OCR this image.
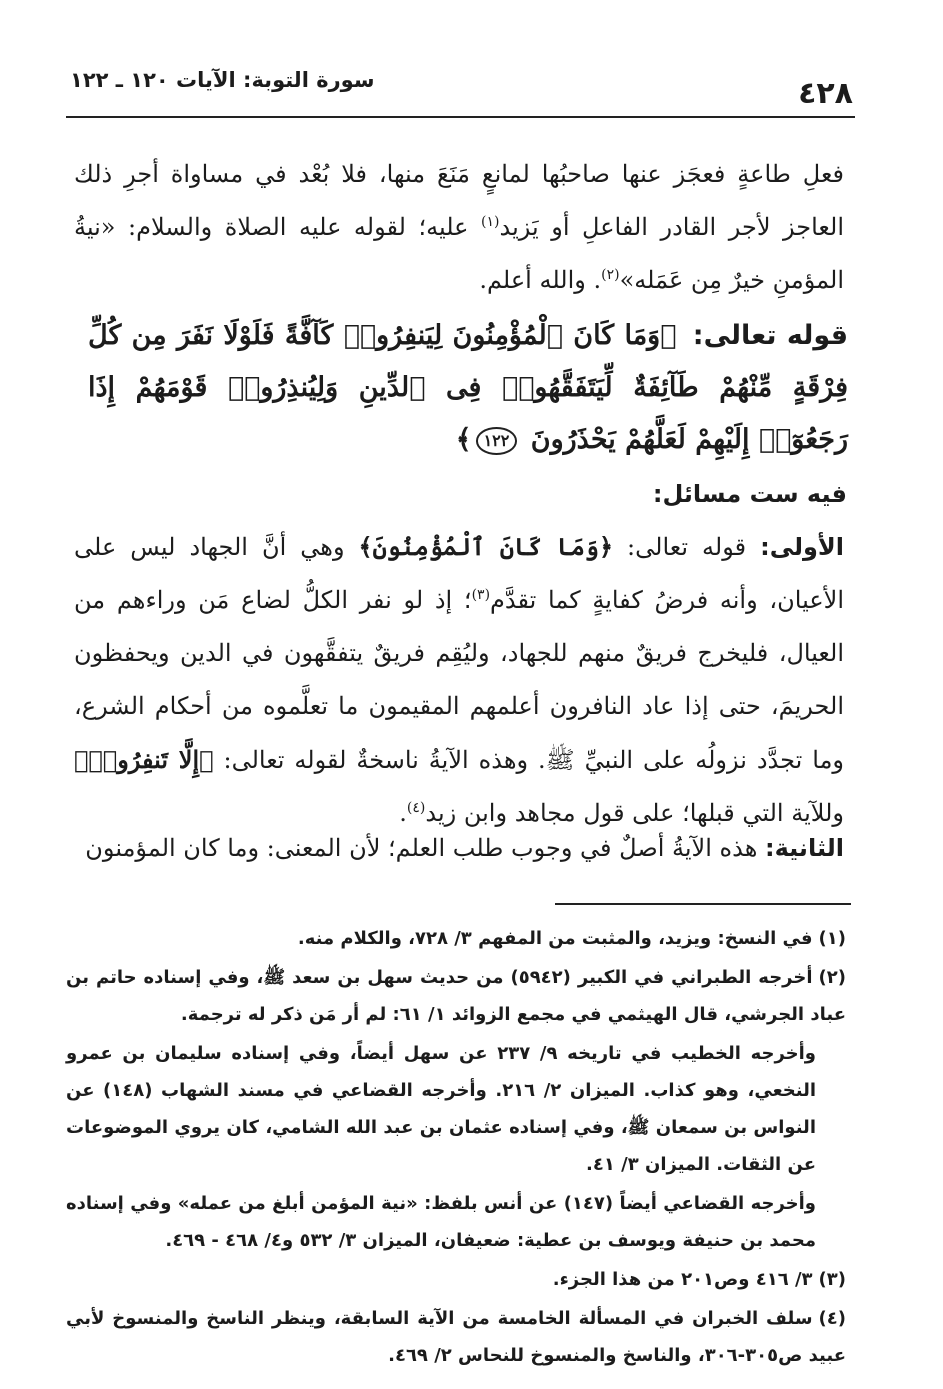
٤٢٨
سورة التوبة: الآيات ١٢٠ ـ ١٢٢
فعلِ طاعةٍ فعجَز عنها صاحبُها لمانعٍ مَنَعَ منها، فلا بُعْد في مساواة أجرِ ذلك العاجز لأجر القادر الفاعلِ أو يَزيد$^{(١)}$ عليه؛ لقوله عليه الصلاة والسلام: «نيةُ المؤمنِ خيرٌ مِن عَمَله»$^{(٢)}$. والله أعلم.
قوله تعالى: ﴿وَمَا كَانَ ٱلْمُؤْمِنُونَ لِيَنفِرُوا۟ كَآفَّةً فَلَوْلَا نَفَرَ مِن كُلِّ فِرْقَةٍ مِّنْهُمْ طَآئِفَةٌ لِّيَتَفَقَّهُوا۟ فِى ٱلدِّينِ وَلِيُنذِرُوا۟ قَوْمَهُمْ إِذَا رَجَعُوٓا۟ إِلَيْهِمْ لَعَلَّهُمْ يَحْذَرُونَ ١٢٢﴾
فيه ست مسائل:
الأولى: قوله تعالى: ﴿وَمَا كَانَ ٱلْمُؤْمِنُونَ﴾ وهي أنَّ الجهاد ليس على الأعيان، وأنه فرضُ كفايةٍ كما تقدَّم$^{(٣)}$؛ إذ لو نفر الكلُّ لضاع مَن وراءهم من العيال، فليخرج فريقٌ منهم للجهاد، وليُقِم فريقٌ يتفقَّهون في الدين ويحفظون الحريمَ، حتى إذا عاد النافرون أعلمهم المقيمون ما تعلَّموه من أحكام الشرع، وما تجدَّد نزولُه على النبيِّ ﷺ. وهذه الآيةُ ناسخةٌ لقوله تعالى: ﴿إِلَّا تَنفِرُوا۟﴾ وللآية التي قبلها؛ على قول مجاهد وابن زيد$^{(٤)}$.
الثانية: هذه الآيةُ أصلٌ في وجوب طلب العلم؛ لأن المعنى: وما كان المؤمنون
(١)في النسخ: ويزيد، والمثبت من المفهم ٣/ ٧٢٨، والكلام منه.
(٢)أخرجه الطبراني في الكبير (٥٩٤٢) من حديث سهل بن سعد ﷺ، وفي إسناده حاتم بن عباد الجرشي، قال الهيثمي في مجمع الزوائد ١/ ٦١: لم أر مَن ذكر له ترجمة.
وأخرجه الخطيب في تاريخه ٩/ ٢٣٧ عن سهل أيضاً، وفي إسناده سليمان بن عمرو النخعي، وهو كذاب. الميزان ٢/ ٢١٦. وأخرجه القضاعي في مسند الشهاب (١٤٨) عن النواس بن سمعان ﷺ، وفي إسناده عثمان بن عبد الله الشامي، كان يروي الموضوعات عن الثقات. الميزان ٣/ ٤١.
وأخرجه القضاعي أيضاً (١٤٧) عن أنس بلفظ: «نية المؤمن أبلغ من عمله» وفي إسناده محمد بن حنيفة ويوسف بن عطية: ضعيفان، الميزان ٣/ ٥٣٢ و٤/ ٤٦٨ - ٤٦٩.
(٣)٣/ ٤١٦ وص٢٠١ من هذا الجزء.
(٤)سلف الخبران في المسألة الخامسة من الآية السابقة، وينظر الناسخ والمنسوخ لأبي عبيد ص٣٠٥-٣٠٦، والناسخ والمنسوخ للنحاس ٢/ ٤٦٩.
